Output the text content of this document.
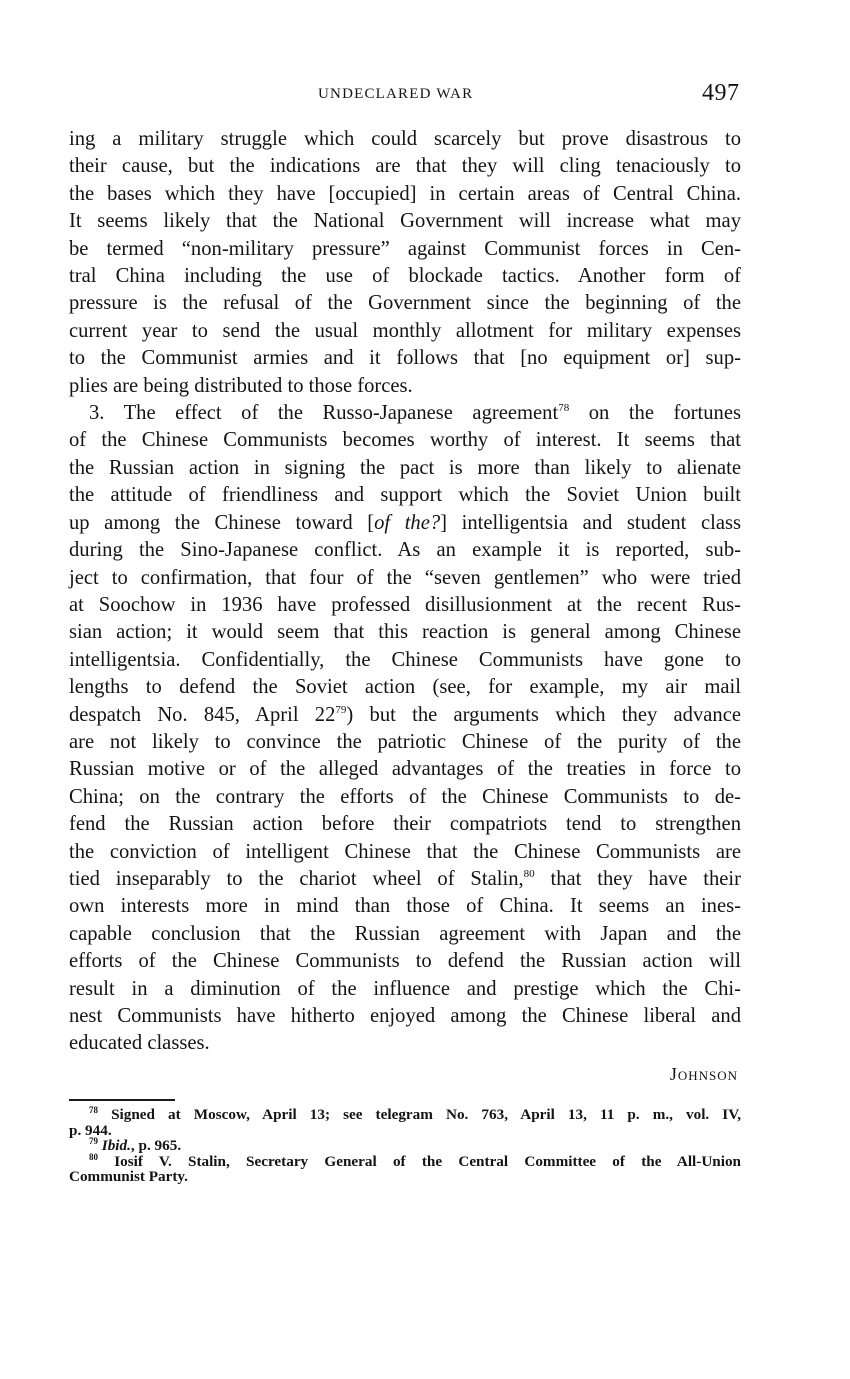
UNDECLARED WAR	497
ing a military struggle which could scarcely but prove disastrous to
their cause, but the indications are that they will cling tenaciously to
the bases which they have [occupied] in certain areas of Central China.
It seems likely that the National Government will increase what may
be termed “non-military pressure” against Communist forces in Cen-
tral China including the use of blockade tactics. Another form of
pressure is the refusal of the Government since the beginning of the
current year to send the usual monthly allotment for military expenses
to the Communist armies and it follows that [no equipment or] sup-
plies are being distributed to those forces.
3. The effect of the Russo-Japanese agreement$^{78}$ on the fortunes
of the Chinese Communists becomes worthy of interest. It seems that
the Russian action in signing the pact is more than likely to alienate
the attitude of friendliness and support which the Soviet Union built
up among the Chinese toward [of the?] intelligentsia and student class
during the Sino-Japanese conflict. As an example it is reported, sub-
ject to confirmation, that four of the “seven gentlemen” who were tried
at Soochow in 1936 have professed disillusionment at the recent Rus-
sian action; it would seem that this reaction is general among Chinese
intelligentsia. Confidentially, the Chinese Communists have gone to
lengths to defend the Soviet action (see, for example, my air mail
despatch No. 845, April $22^{79}$) but the arguments which they advance
are not likely to convince the patriotic Chinese of the purity of the
Russian motive or of the alleged advantages of the treaties in force to
China; on the contrary the efforts of the Chinese Communists to de-
fend the Russian action before their compatriots tend to strengthen
the conviction of intelligent Chinese that the Chinese Communists are
tied inseparably to the chariot wheel of Stalin,$^{80}$ that they have their
own interests more in mind than those of China. It seems an ines-
capable conclusion that the Russian agreement with Japan and the
efforts of the Chinese Communists to defend the Russian action will
result in a diminution of the influence and prestige which the Chi-
nest Communists have hitherto enjoyed among the Chinese liberal and
educated classes.
Johnson
$^{78}$ Signed at Moscow, April 13; see telegram No. 763, April 13, 11 p. m., vol. IV,
p. 944.
$^{79}$ Ibid., p. 965.
$^{80}$ Iosif V. Stalin, Secretary General of the Central Committee of the All-Union
Communist Party.
